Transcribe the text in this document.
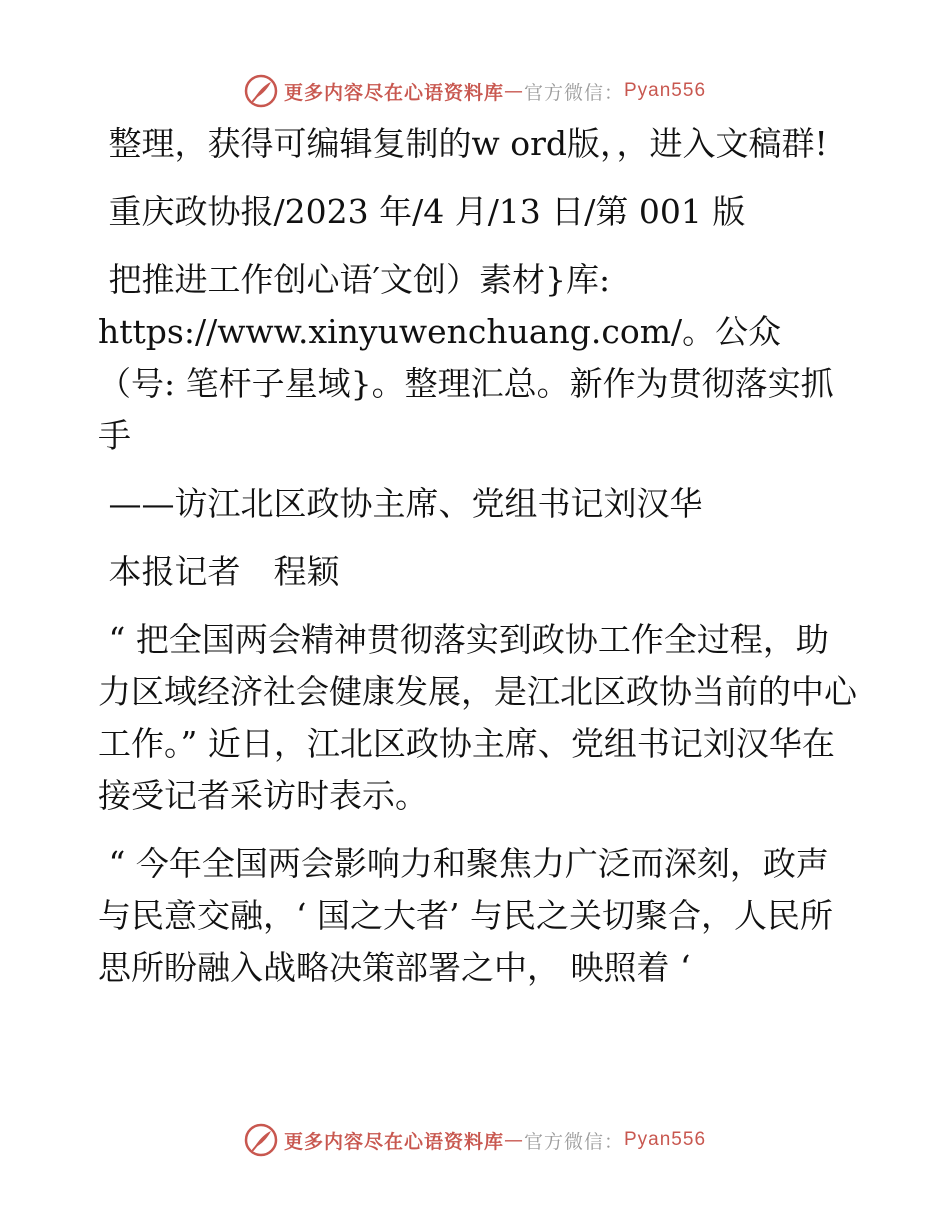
更多内容尽在心语资料库 — 官方微信： Pyan556

整理，获得可编辑复制的w ord版，，进入文稿群!

重庆政协报/2023 年/4 月/13 日/第 001 版

把推进工作创心语′文创）素材}库: https://www.xinyuwenchuang.com/。公众（号: 笔杆子星域}。整理汇总。新作为贯彻落实抓手

——访江北区政协主席、党组书记刘汉华

本报记者　程颖

“ 把全国两会精神贯彻落实到政协工作全过程，助力区域经济社会健康发展，是江北区政协当前的中心工作。” 近日，江北区政协主席、党组书记刘汉华在接受记者采访时表示。

“ 今年全国两会影响力和聚焦力广泛而深刻，政声与民意交融，‘ 国之大者’ 与民之关切聚合，人民所思所盼融入战略决策部署之中， 映照着 ‘

更多内容尽在心语资料库 — 官方微信： Pyan556
